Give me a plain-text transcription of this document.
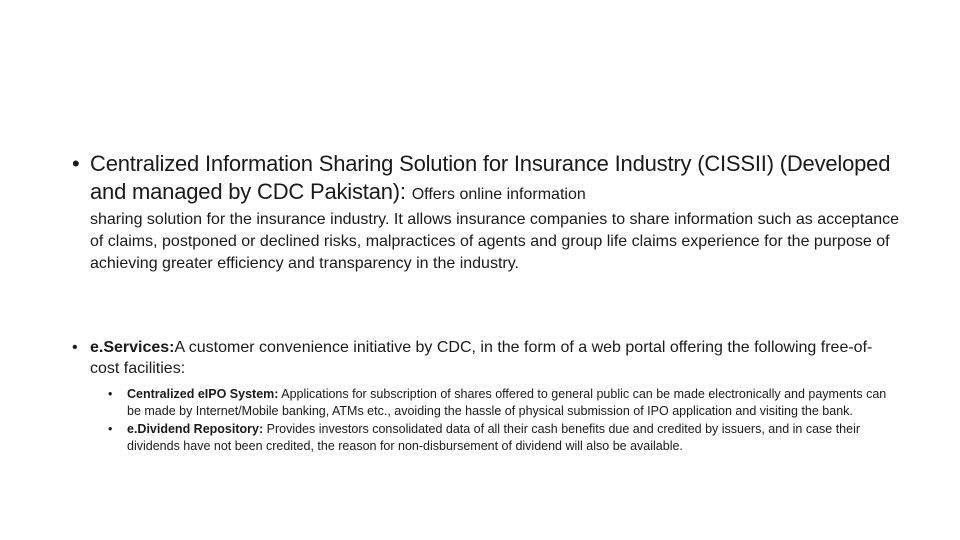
• Centralized Information Sharing Solution for Insurance Industry (CISSII) (Developed and managed by CDC Pakistan): Offers online information
sharing solution for the insurance industry. It allows insurance companies to share information such as acceptance of claims, postponed or declined risks, malpractices of agents and group life claims experience for the purpose of achieving greater efficiency and transparency in the industry.
• e.Services:A customer convenience initiative by CDC, in the form of a web portal offering the following free-of-cost facilities:
•	Centralized eIPO System: Applications for subscription of shares offered to general public can be made electronically and payments can be made by Internet/Mobile banking, ATMs etc., avoiding the hassle of physical submission of IPO application and visiting the bank.
•	e.Dividend Repository: Provides investors consolidated data of all their cash benefits due and credited by issuers, and in case their dividends have not been credited, the reason for non-disbursement of dividend will also be available.
